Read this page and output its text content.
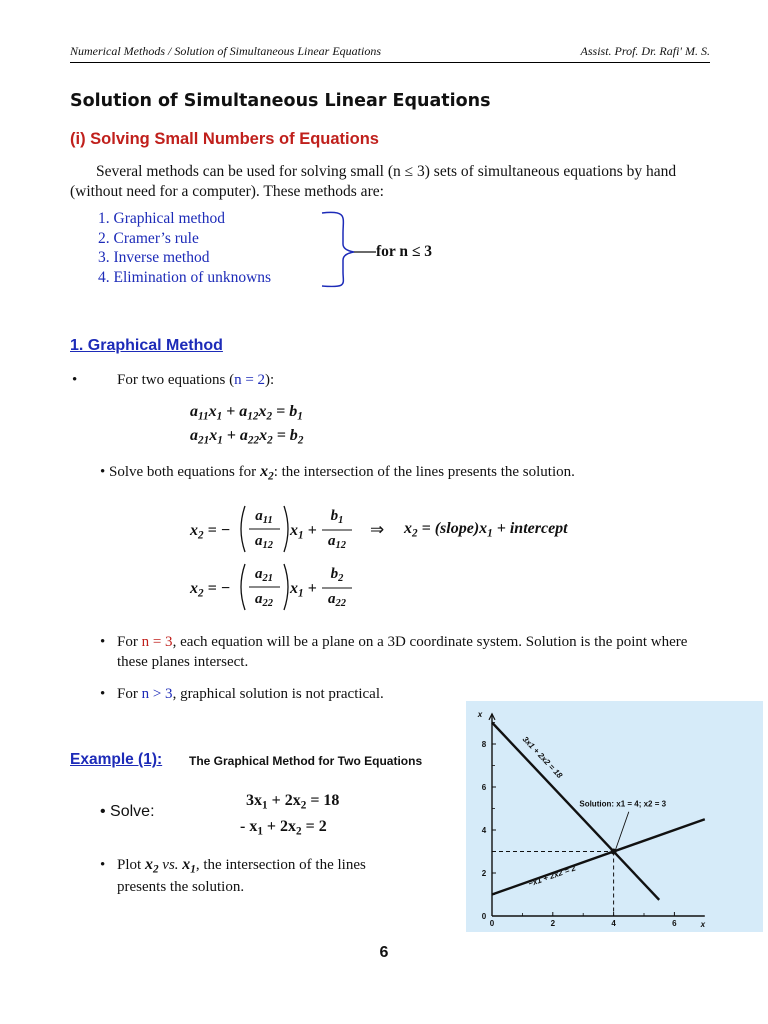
Numerical Methods / Solution of Simultaneous Linear Equations	Assist. Prof. Dr. Rafi' M. S.
Solution of Simultaneous Linear Equations
(i) Solving Small Numbers of Equations
Several methods can be used for solving small (n ≤ 3) sets of simultaneous equations by hand (without need for a computer). These methods are:
1. Graphical method
2. Cramer’s rule
3. Inverse method
4. Elimination of unknowns
for n ≤ 3
1. Graphical Method
•	For two equations (n = 2):
$a_{11}x_1 + a_{12}x_2 = b_1$
$a_{21}x_1 + a_{22}x_2 = b_2$
• Solve both equations for $x_2$: the intersection of the lines presents the solution.
$x_2$ = −
$a_{11}$
$a_{12}$
$x_1$ +
$b_1$
$a_{12}$
⇒ $x_2$ = $(slope)x_1$ + intercept
$x_2$ = −
$a_{21}$
$a_{22}$
$x_1$ +
$b_2$
$a_{22}$
• For n = 3, each equation will be a plane on a 3D coordinate system. Solution is the point where these planes intersect.
• For n > 3, graphical solution is not practical.
Example (1): The Graphical Method for Two Equations
• Solve:
$3x_1 + 2x_2 = 18$
- $x_1 + 2x_2 = 2$
• Plot $x_2$ vs. $x_1$, the intersection of the lines
presents the solution.
0	2	4	6
0
2
4
6
8
x
x
3x1 + 2x2 = 18
−x1 + 2x2 = 2
Solution: x1 = 4; x2 = 3
6
